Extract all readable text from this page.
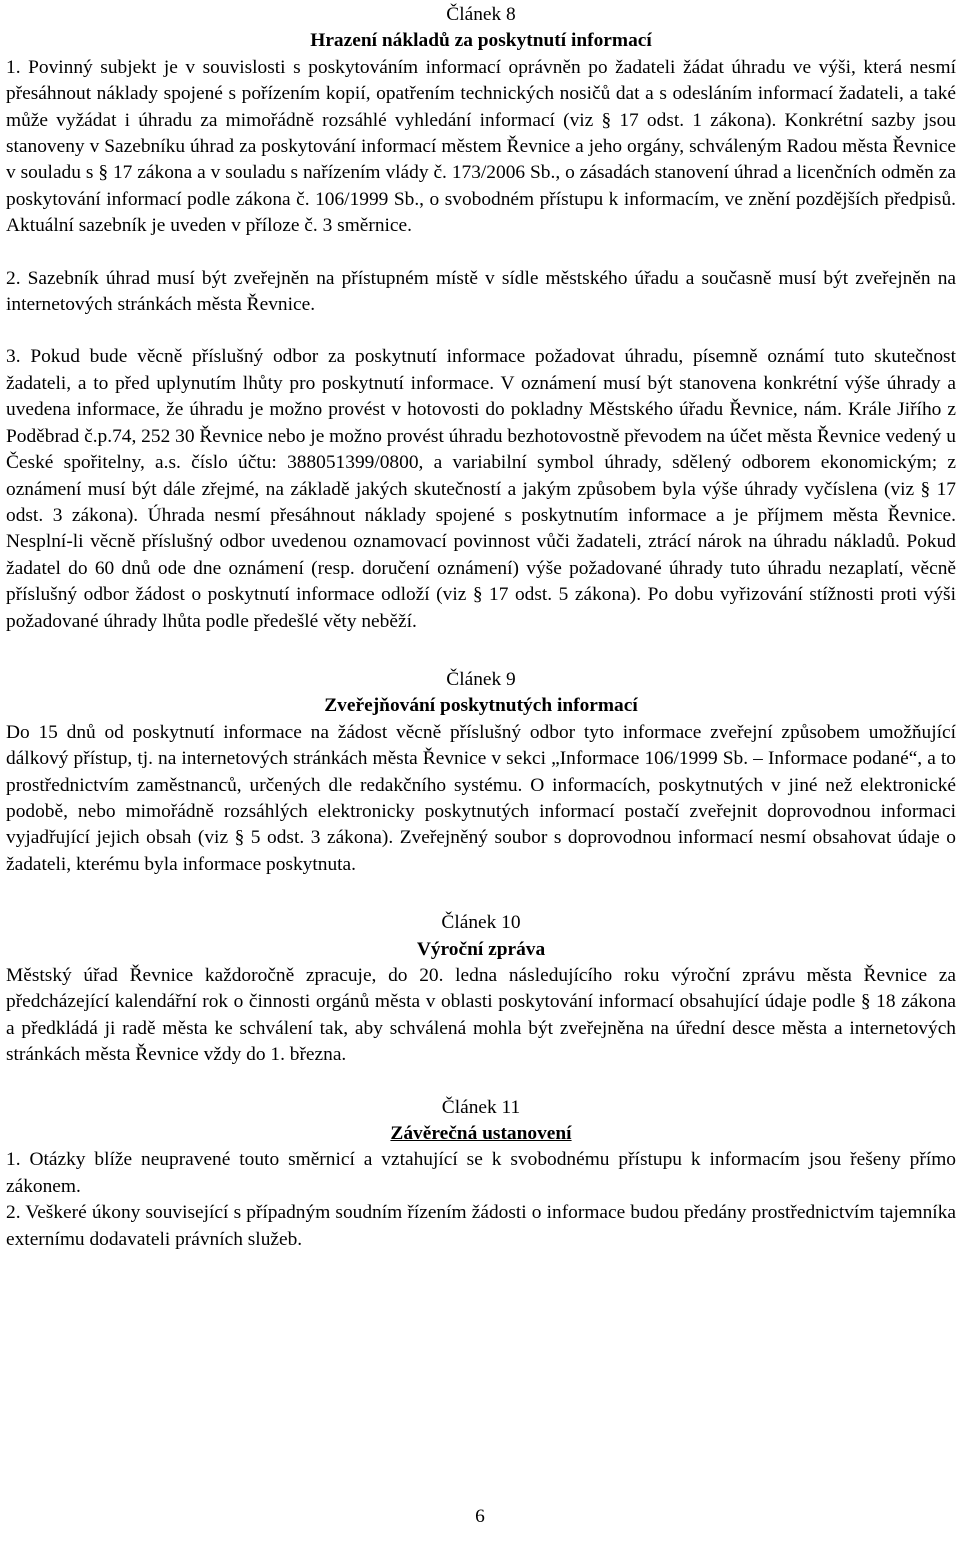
Článek 8
Hrazení nákladů za poskytnutí informací

1. Povinný subjekt je v souvislosti s poskytováním informací oprávněn po žadateli žádat úhradu ve výši, která nesmí přesáhnout náklady spojené s pořízením kopií, opatřením technických nosičů dat a s odesláním informací žadateli, a také může vyžádat i úhradu za mimořádně rozsáhlé vyhledání informací (viz § 17 odst. 1 zákona). Konkrétní sazby jsou stanoveny v Sazebníku úhrad za poskytování informací městem Řevnice a jeho orgány, schváleným Radou města Řevnice v souladu s § 17 zákona a v souladu s nařízením vlády č. 173/2006 Sb., o zásadách stanovení úhrad a licenčních odměn za poskytování informací podle zákona č. 106/1999 Sb., o svobodném přístupu k informacím, ve znění pozdějších předpisů. Aktuální sazebník je uveden v příloze č. 3 směrnice.

2. Sazebník úhrad musí být zveřejněn na přístupném místě v sídle městského úřadu a současně musí být zveřejněn na internetových stránkách města Řevnice.

3. Pokud bude věcně příslušný odbor za poskytnutí informace požadovat úhradu, písemně oznámí tuto skutečnost žadateli, a to před uplynutím lhůty pro poskytnutí informace. V oznámení musí být stanovena konkrétní výše úhrady a uvedena informace, že úhradu je možno provést v hotovosti do pokladny Městského úřadu Řevnice, nám. Krále Jiřího z Poděbrad č.p.74, 252 30 Řevnice nebo je možno provést úhradu bezhotovostně převodem na účet města Řevnice vedený u České spořitelny, a.s. číslo účtu: 388051399/0800, a variabilní symbol úhrady, sdělený odborem ekonomickým; z oznámení musí být dále zřejmé, na základě jakých skutečností a jakým způsobem byla výše úhrady vyčíslena (viz § 17 odst. 3 zákona). Úhrada nesmí přesáhnout náklady spojené s poskytnutím informace a je příjmem města Řevnice. Nesplní-li věcně příslušný odbor uvedenou oznamovací povinnost vůči žadateli, ztrácí nárok na úhradu nákladů. Pokud žadatel do 60 dnů ode dne oznámení (resp. doručení oznámení) výše požadované úhrady tuto úhradu nezaplatí, věcně příslušný odbor žádost o poskytnutí informace odloží (viz § 17 odst. 5 zákona). Po dobu vyřizování stížnosti proti výši požadované úhrady lhůta podle předešlé věty neběží.

Článek 9
Zveřejňování poskytnutých informací

Do 15 dnů od poskytnutí informace na žádost věcně příslušný odbor tyto informace zveřejní způsobem umožňující dálkový přístup, tj. na internetových stránkách města Řevnice v sekci „Informace 106/1999 Sb. – Informace podané“, a to prostřednictvím zaměstnanců, určených dle redakčního systému. O informacích, poskytnutých v jiné než elektronické podobě, nebo mimořádně rozsáhlých elektronicky poskytnutých informací postačí zveřejnit doprovodnou informaci vyjadřující jejich obsah (viz § 5 odst. 3 zákona). Zveřejněný soubor s doprovodnou informací nesmí obsahovat údaje o žadateli, kterému byla informace poskytnuta.

Článek 10
Výroční zpráva

Městský úřad Řevnice každoročně zpracuje, do 20. ledna následujícího roku výroční zprávu města Řevnice za předcházející kalendářní rok o činnosti orgánů města v oblasti poskytování informací obsahující údaje podle § 18 zákona a předkládá ji radě města ke schválení tak, aby schválená mohla být zveřejněna na úřední desce města a internetových stránkách města Řevnice vždy do 1. března.

Článek 11
Závěrečná ustanovení

1. Otázky blíže neupravené touto směrnicí a vztahující se k svobodnému přístupu k informacím jsou řešeny přímo zákonem.

2. Veškeré úkony související s případným soudním řízením žádosti o informace budou předány prostřednictvím tajemníka externímu dodavateli právních služeb.

6
